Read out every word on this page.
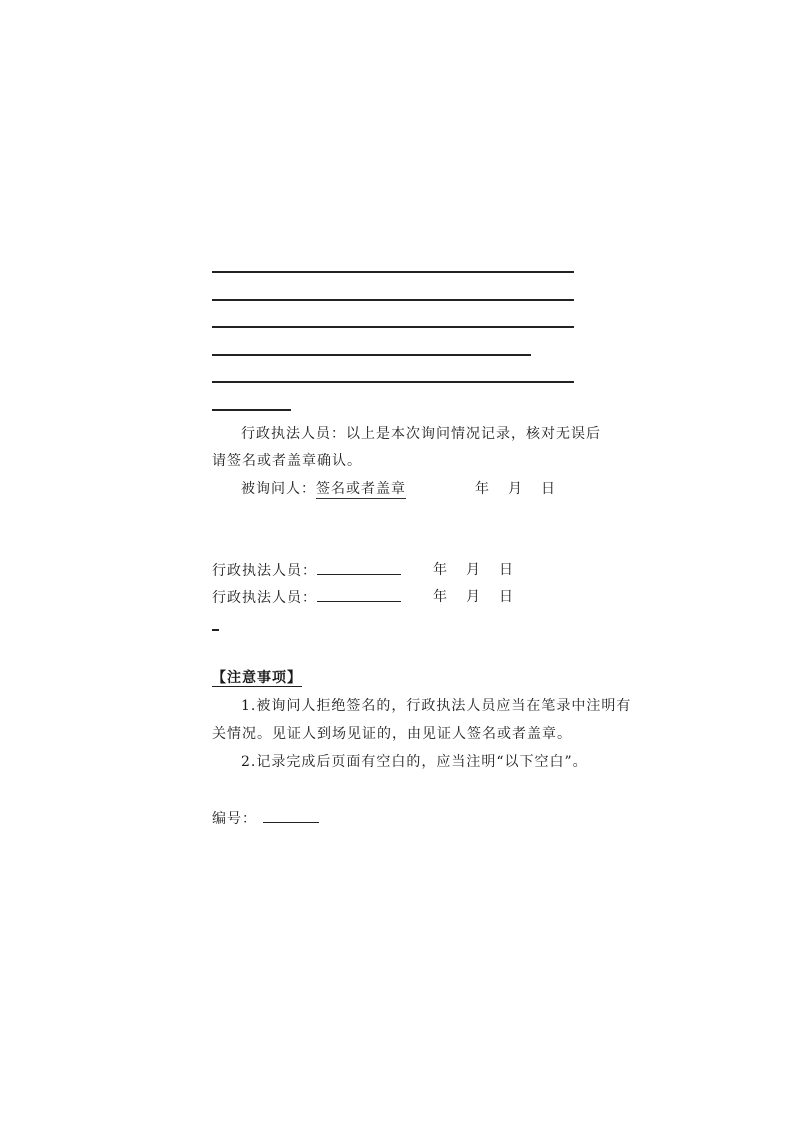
行政执法人员：以上是本次询问情况记录，核对无误后
请签名或者盖章确认。
被询问人：签名或者盖章	年 月 日
行政执法人员：	年 月 日
行政执法人员：	年 月 日
【注意事项】
1.被询问人拒绝签名的，行政执法人员应当在笔录中注明有
关情况。见证人到场见证的，由见证人签名或者盖章。
2.记录完成后页面有空白的，应当注明“以下空白”。
编号：
